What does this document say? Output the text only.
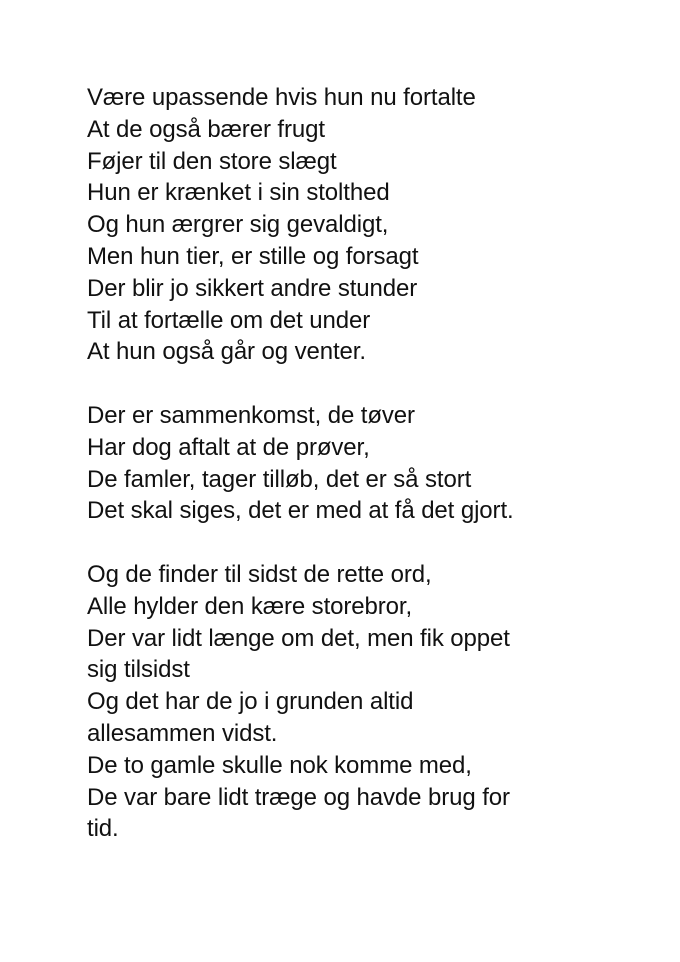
Være upassende hvis hun nu fortalte
At de også bærer frugt
Føjer til den store slægt
Hun er krænket i sin stolthed
Og hun ærgrer sig gevaldigt,
Men hun tier, er stille og forsagt
Der blir jo sikkert andre stunder
Til at fortælle om det under
At hun også går og venter.

Der er sammenkomst, de tøver
Har dog aftalt at de prøver,
De famler, tager tilløb, det er så stort
Det skal siges, det er med at få det gjort.

Og de finder til sidst de rette ord,
Alle hylder den kære storebror,
Der var lidt længe om det, men fik oppet
sig tilsidst
Og det har de jo i grunden altid
allesammen vidst.
De to gamle skulle nok komme med,
De var bare lidt træge og havde brug for
tid.
